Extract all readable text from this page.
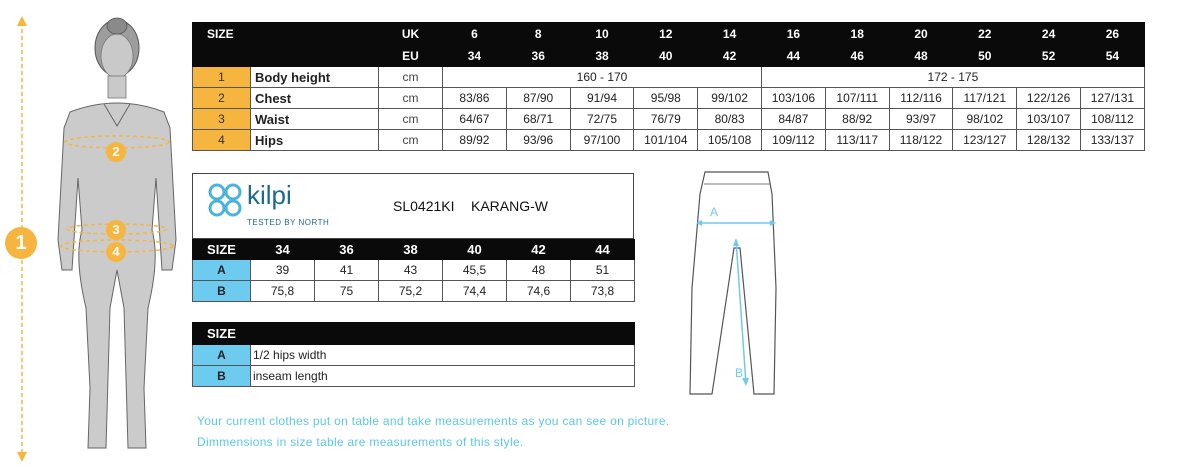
1
2
3
4
SIZE		UK	6	8	10	12	14	16	18	20	22	24	26
		EU	34	36	38	40	42	44	46	48	50	52	54
1	Body height	cm	160 - 170					172 - 175					
2	Chest	cm	83/86	87/90	91/94	95/98	99/102	103/106	107/111	112/116	117/121	122/126	127/131
3	Waist	cm	64/67	68/71	72/75	76/79	80/83	84/87	88/92	93/97	98/102	103/107	108/112
4	Hips	cm	89/92	93/96	97/100	101/104	105/108	109/112	113/117	118/122	123/127	128/132	133/137
kilpi
TESTED BY NORTH
SL0421KI KARANG-W
SIZE	34	36	38	40	42	44
A	39	41	43	45,5	48	51
B	75,8	75	75,2	74,4	74,6	73,8
SIZE	
A	1/2 hips width
B	inseam length
A
B
Your current clothes put on table and take measurements as you can see on picture.
Dimmensions in size table are measurements of this style.
